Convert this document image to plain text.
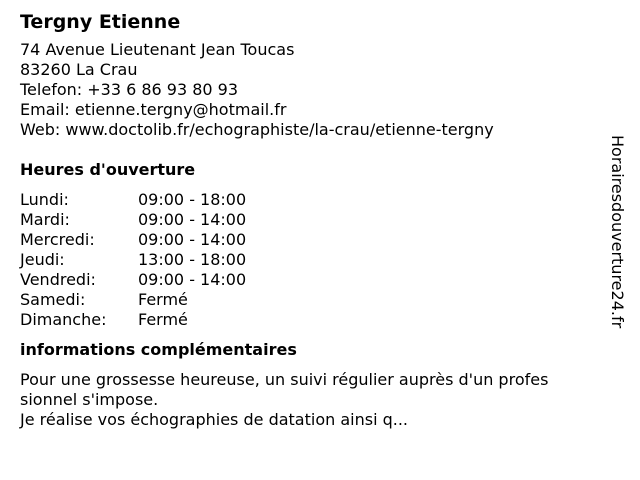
Tergny Etienne
74 Avenue Lieutenant Jean Toucas
83260 La Crau
Telefon: +33 6 86 93 80 93
Email: etienne.tergny@hotmail.fr
Web: www.doctolib.fr/echographiste/la-crau/etienne-tergny
Heures d'ouverture
Lundi:	09:00 - 18:00
Mardi:	09:00 - 14:00
Mercredi:	09:00 - 14:00
Jeudi:	13:00 - 18:00
Vendredi:	09:00 - 14:00
Samedi:	Fermé
Dimanche:	Fermé
informations complémentaires
Pour une grossesse heureuse, un suivi régulier auprès d'un profes
sionnel s'impose.
Je réalise vos échographies de datation ainsi q...
Horairesdouverture24.fr
